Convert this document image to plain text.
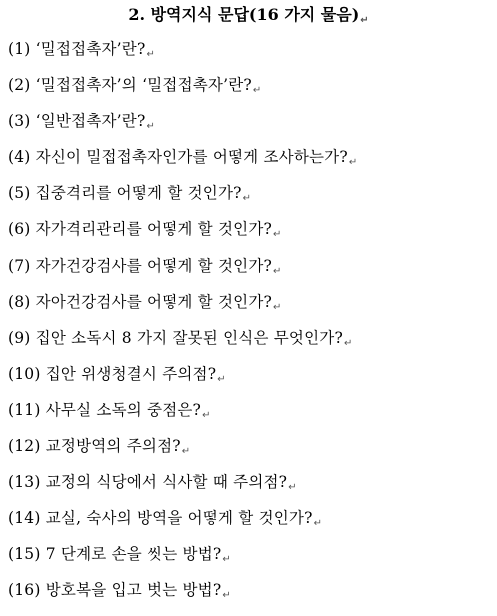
2. 방역지식 문답(16 가지 물음)↵
(1) ‘밀접접촉자’란?↵
(2) ‘밀접접촉자’의 ‘밀접접촉자’란?↵
(3) ‘일반접촉자’란?↵
(4) 자신이 밀접접촉자인가를 어떻게 조사하는가?↵
(5) 집중격리를 어떻게 할 것인가?↵
(6) 자가격리관리를 어떻게 할 것인가?↵
(7) 자가건강검사를 어떻게 할 것인가?↵
(8) 자아건강검사를 어떻게 할 것인가?↵
(9) 집안 소독시 8 가지 잘못된 인식은 무엇인가?↵
(10) 집안 위생청결시 주의점?↵
(11) 사무실 소독의 중점은?↵
(12) 교정방역의 주의점?↵
(13) 교정의 식당에서 식사할 때 주의점?↵
(14) 교실, 숙사의 방역을 어떻게 할 것인가?↵
(15) 7 단계로 손을 씻는 방법?↵
(16) 방호복을 입고 벗는 방법?↵
